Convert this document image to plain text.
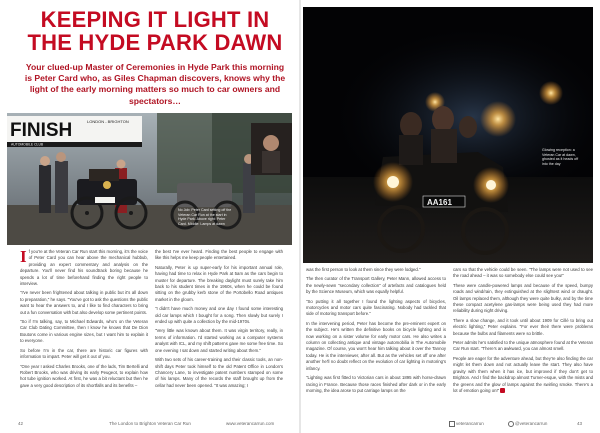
KEEPING IT LIGHT IN
THE HYDE PARK DAWN
Your clued-up Master of Ceremonies in Hyde Park this morning is Peter Card who, as Giles Chapman discovers, knows why the light of the early morning matters so much to car owners and spectators…
FINISH	LONDON - BRIGHTON
AUTOMOBILE CLUB
No Job: Peter Card setting off the Veteran Car Run at the start in Hyde Park. Above right: Peter Card. Middle: Lamps at dawn

If you're at the Veteran Car Run start this morning, it's the voice of Peter Card you can hear above the mechanical hubbub, providing an expert commentary and analysis on the departure. You'll never find his soundtrack boring because he spends a lot of time beforehand finding the right people to interview.

"I've never been frightened about talking in public but it's all down to preparation," he says. "You've got to ask the questions the public want to hear the answers to, and I like to find characters to bring out a fun conversation with but also develop some pertinent points.

"So if I'm talking, say, to Michael Edwards, who's on the Veteran Car Club Dating Committee, then I know he knows that De Dion Boutons come in various engine sizes, but I want him to explain it to everyone.

So before I'm in the car, there are historic car figures with information to impart. Peter will get it out of you.

"One year I asked Charles Brooks, one of the lads, Tim Bertelli and Robert Brooks, who was driving its early Peugeot, to explain how hot tube ignition worked. At first, he was a bit reluctant but then he gave a very good description of its shortfalls and its benefits –

the best I've ever heard. Finding the best people to engage with like this helps me keep people entertained.

Naturally, Peter is up super-early for his important annual role, having had time to relax in Hyde Park at 5am as the cars begin to muster for departure. The breaking daylight must surely take him back to his student times in the 1960s, when he could be found sitting on the grubby kerb stone of the Portobello Road antiques market in the gloom.

"I didn't have much money and one day I found some interesting old car lamps which I bought for a song. Then slowly but surely I ended up with quite a collection by the mid-1970s.

"Very little was known about them. It was virgin territory, really, in terms of information. I'd started working as a computer systems analyst with ICL, and my shift patterns gave me some free time. So one evening I sat down and started writing about them."

With two sets of his career-training and their classic tools, an non-shift days Peter took himself to the old Patent Office in London's Chancery Lane, to investigate patent numbers stamped on some of his lamps. Many of the records the staff brought up from the cellar had never been opened. "It was amazing; I

AA161
Glowing reception: a Veteran Car at dawn, ghosted as it heads off into the day

was the first person to look at them since they were lodged."

The then curator of the Transport Gallery, Peter Mann, allowed access to the newly-sewn "secondary collection" of artefacts and catalogues held by the Science Museum, which was equally helpful.

"So putting it all together I found the lighting aspects of bicycles, motorcycles and motor cars quite fascinating. Nobody had tackled that side of motoring transport before."

In the intervening period, Peter has become the pre-eminent expert on the subject. He's written the definitive books on bicycle lighting and is now working on a sister volume for early motor cars. He also writes a column on collecting antique and vintage automobilia in The Automobile magazine. Of course, you won't hear him talking about it over the Tannoy today. He is the interviewer, after all. But as the vehicles set off one after another he'll no doubt reflect on the evolution of car lighting in motoring's infancy.

"Lighting was first fitted to Victorian cars in about 1895 with horse-drawn racing in France. Because those races finished after dark or in the early morning, the idea arose to put carriage lamps on the

cars so that the vehicle could be seen. "The lamps were not used to see the road ahead – it was so somebody else could see you!"

These were candle-powered lamps and because of the speed, bumpy roads and wind/rain, they extinguished at the slightest wind or draught. Oil lamps replaced them, although they were quite bulky, and by the time these compact acetylene gas-lamps were being used they had more reliability during night driving.

There a slow change, and it took until about 1909 for Cillé to bring out electric lighting," Peter explains. "For ever their there were problems because the bulbs and filaments were so brittle.

Peter admits he's satisfied to the unique atmosphere found at the Veteran Car Run start. "There's an awkward, you can almost smell.

People are eager for the adventure ahead, but they're also finding the car might let them down and not actually leave the start. They also have gravity with them when it has ice, but improved if they don't get to Brighton. And I find the backdrop almost Turner-esque, with the mists and the greens and the glow of lamps against the swirling smoke. There's a lot of emotion going on!"

42	The London to Brighton Veteran Car Run	www.veterancarrun.com	veterancarrun	@veterancarrun	43
